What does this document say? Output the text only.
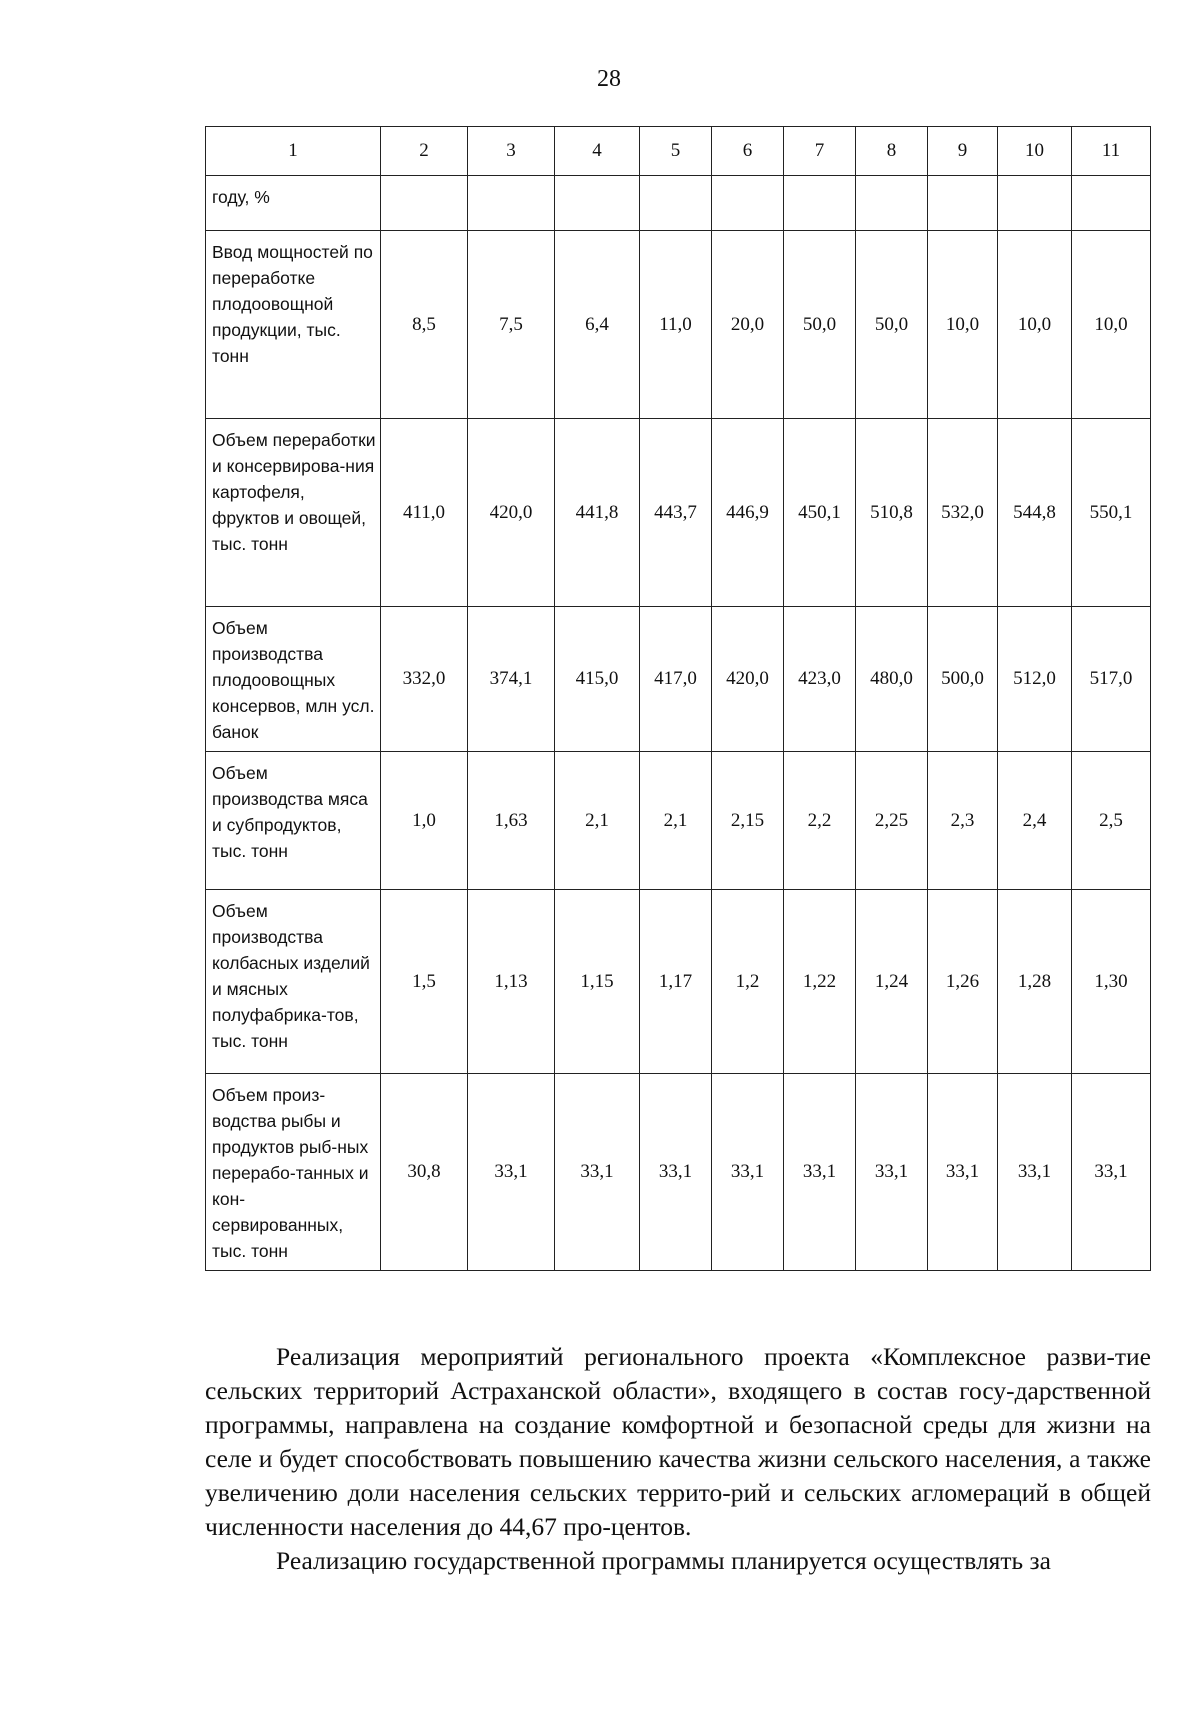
28
1	2	3	4	5	6	7	8	9	10	11
году, %										
Ввод мощностей по переработке плодоовощной продукции, тыс. тонн	8,5	7,5	6,4	11,0	20,0	50,0	50,0	10,0	10,0	10,0
Объем переработки и консервирова-ния картофеля, фруктов и овощей, тыс. тонн	411,0	420,0	441,8	443,7	446,9	450,1	510,8	532,0	544,8	550,1
Объем производства плодоовощных консервов, млн усл. банок	332,0	374,1	415,0	417,0	420,0	423,0	480,0	500,0	512,0	517,0
Объем производства мяса и субпродуктов, тыс. тонн	1,0	1,63	2,1	2,1	2,15	2,2	2,25	2,3	2,4	2,5
Объем производства колбасных изделий и мясных полуфабрика-тов, тыс. тонн	1,5	1,13	1,15	1,17	1,2	1,22	1,24	1,26	1,28	1,30
Объем произ-водства рыбы и продуктов рыб-ных перерабо-танных и кон-сервированных, тыс. тонн	30,8	33,1	33,1	33,1	33,1	33,1	33,1	33,1	33,1	33,1

Реализация мероприятий регионального проекта «Комплексное разви-тие сельских территорий Астраханской области», входящего в состав госу-дарственной программы, направлена на создание комфортной и безопасной среды для жизни на селе и будет способствовать повышению качества жизни сельского населения, а также увеличению доли населения сельских террито-рий и сельских агломераций в общей численности населения до 44,67 про-центов.

Реализацию государственной программы планируется осуществлять за
